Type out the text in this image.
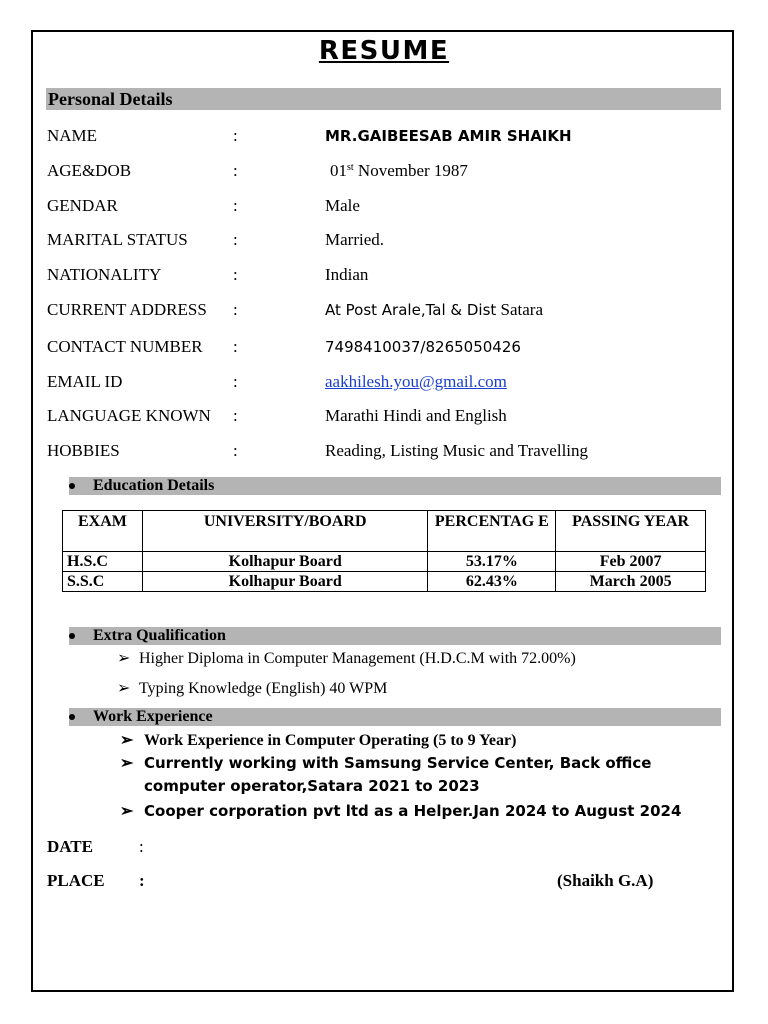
RESUME
Personal Details
NAME	:	MR.GAIBEESAB AMIR SHAIKH
AGE&DOB	:	01st November 1987
GENDAR	:	Male
MARITAL STATUS	:	Married.
NATIONALITY	:	Indian
CURRENT ADDRESS :	At Post Arale,Tal & Dist Satara
CONTACT NUMBER :	7498410037/8265050426
EMAIL ID	:	aakhilesh.you@gmail.com
LANGUAGE KNOWN :	Marathi Hindi and English
HOBBIES	:	Reading, Listing Music and Travelling
Education Details
EXAM	UNIVERSITY/BOARD	PERCENTAG E	PASSING YEAR
H.S.C	Kolhapur Board	53.17%	Feb 2007
S.S.C	Kolhapur Board	62.43%	March 2005
Extra Qualification
➢ Higher Diploma in Computer Management (H.D.C.M with 72.00%)
➢ Typing Knowledge (English) 40 WPM
Work Experience
➢ Work Experience in Computer Operating (5 to 9 Year)
➢ Currently working with Samsung Service Center, Back office computer operator,Satara 2021 to 2023
➢ Cooper corporation pvt ltd as a Helper.Jan 2024 to August 2024
DATE	:
PLACE :	(Shaikh G.A)
